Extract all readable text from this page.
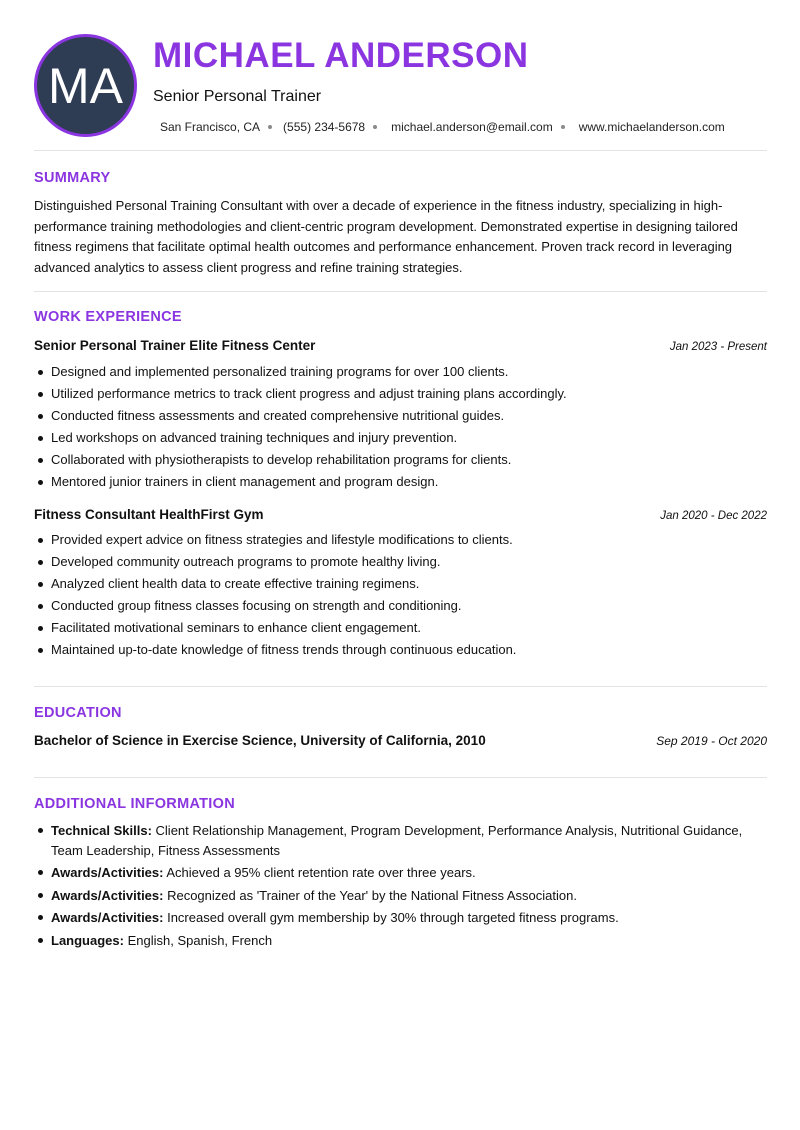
MA
MICHAEL ANDERSON
Senior Personal Trainer
San Francisco, CA (555) 234-5678 michael.anderson@email.com www.michaelanderson.com
SUMMARY

Distinguished Personal Training Consultant with over a decade of experience in the fitness industry, specializing in high-performance training methodologies and client-centric program development. Demonstrated expertise in designing tailored fitness regimens that facilitate optimal health outcomes and performance enhancement. Proven track record in leveraging advanced analytics to assess client progress and refine training strategies.

WORK EXPERIENCE
Senior Personal Trainer Elite Fitness Center	Jan 2023 - Present
Designed and implemented personalized training programs for over 100 clients.
Utilized performance metrics to track client progress and adjust training plans accordingly.
Conducted fitness assessments and created comprehensive nutritional guides.
Led workshops on advanced training techniques and injury prevention.
Collaborated with physiotherapists to develop rehabilitation programs for clients.
Mentored junior trainers in client management and program design.
Fitness Consultant HealthFirst Gym	Jan 2020 - Dec 2022
Provided expert advice on fitness strategies and lifestyle modifications to clients.
Developed community outreach programs to promote healthy living.
Analyzed client health data to create effective training regimens.
Conducted group fitness classes focusing on strength and conditioning.
Facilitated motivational seminars to enhance client engagement.
Maintained up-to-date knowledge of fitness trends through continuous education.
EDUCATION
Bachelor of Science in Exercise Science, University of California, 2010	Sep 2019 - Oct 2020
ADDITIONAL INFORMATION
Technical Skills: Client Relationship Management, Program Development, Performance Analysis, Nutritional Guidance, Team Leadership, Fitness Assessments
Awards/Activities: Achieved a 95% client retention rate over three years.
Awards/Activities: Recognized as 'Trainer of the Year' by the National Fitness Association.
Awards/Activities: Increased overall gym membership by 30% through targeted fitness programs.
Languages: English, Spanish, French
